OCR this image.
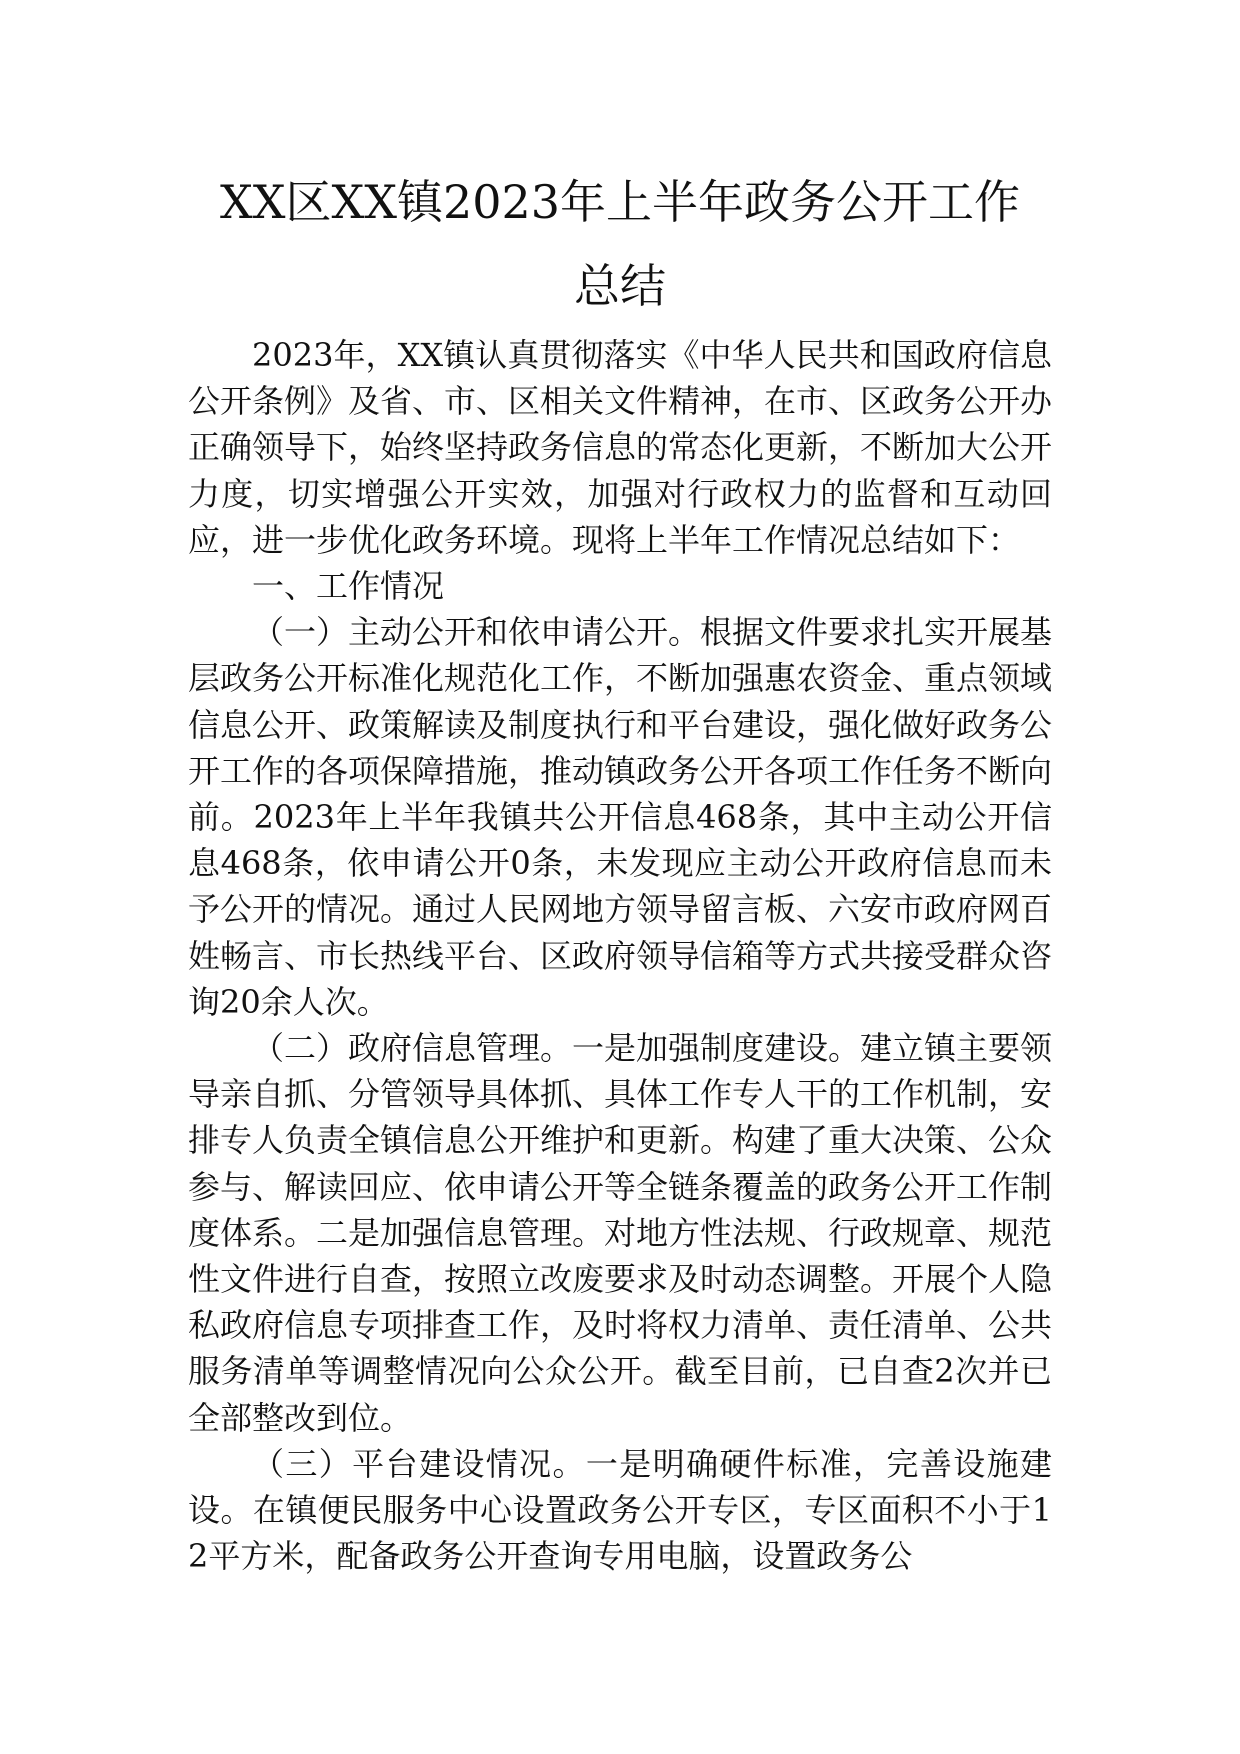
XX区XX镇2023年上半年政务公开工作
总结

2023年，XX镇认真贯彻落实《中华人民共和国政府信息公开条例》及省、市、区相关文件精神，在市、区政务公开办正确领导下，始终坚持政务信息的常态化更新，不断加大公开力度，切实增强公开实效，加强对行政权力的监督和互动回应，进一步优化政务环境。现将上半年工作情况总结如下：

一、工作情况

（一）主动公开和依申请公开。根据文件要求扎实开展基层政务公开标准化规范化工作，不断加强惠农资金、重点领域信息公开、政策解读及制度执行和平台建设，强化做好政务公开工作的各项保障措施，推动镇政务公开各项工作任务不断向前。2023年上半年我镇共公开信息468条，其中主动公开信息468条，依申请公开0条，未发现应主动公开政府信息而未予公开的情况。通过人民网地方领导留言板、六安市政府网百姓畅言、市长热线平台、区政府领导信箱等方式共接受群众咨询20余人次。

（二）政府信息管理。一是加强制度建设。建立镇主要领导亲自抓、分管领导具体抓、具体工作专人干的工作机制，安排专人负责全镇信息公开维护和更新。构建了重大决策、公众参与、解读回应、依申请公开等全链条覆盖的政务公开工作制度体系。二是加强信息管理。对地方性法规、行政规章、规范性文件进行自查，按照立改废要求及时动态调整。开展个人隐私政府信息专项排查工作，及时将权力清单、责任清单、公共服务清单等调整情况向公众公开。截至目前，已自查2次并已全部整改到位。

（三）平台建设情况。一是明确硬件标准，完善设施建设。在镇便民服务中心设置政务公开专区，专区面积不小于12平方米，配备政务公开查询专用电脑，设置政务公
